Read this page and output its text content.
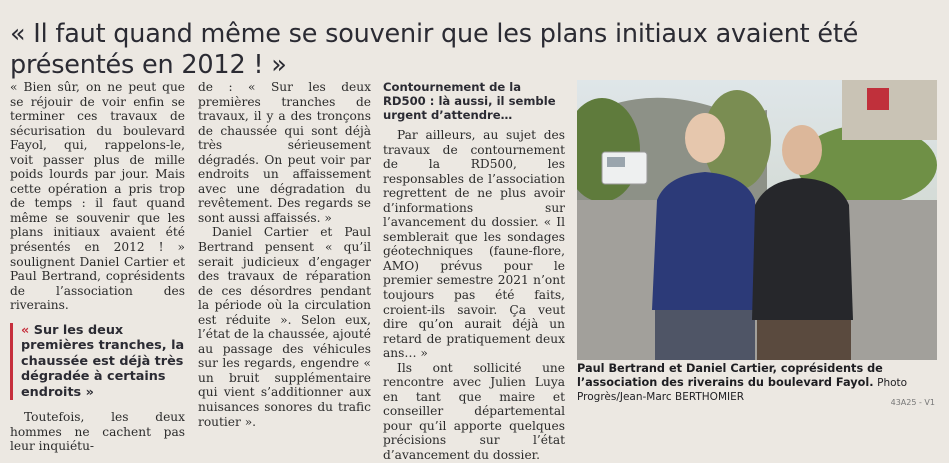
« Il faut quand même se souvenir que les plans initiaux avaient été présentés en 2012 ! »

« Bien sûr, on ne peut que se réjouir de voir enfin se terminer ces travaux de sécurisation du boulevard Fayol, qui, rappelons-le, voit passer plus de mille poids lourds par jour. Mais cette opération a pris trop de temps : il faut quand même se souvenir que les plans initiaux avaient été présentés en 2012 ! » soulignent Daniel Cartier et Paul Bertrand, coprésidents de l’association des riverains.

« Sur les deux premières tranches, la chaussée est déjà très dégradée à certains endroits »

Toutefois, les deux hommes ne cachent pas leur inquiétu-

de : « Sur les deux premières tranches de travaux, il y a des tronçons de chaussée qui sont déjà très sérieusement dégradés. On peut voir par endroits un affaissement avec une dégradation du revêtement. Des regards se sont aussi affaissés. »

Daniel Cartier et Paul Bertrand pensent « qu’il serait judicieux d’engager des travaux de réparation de ces désordres pendant la période où la circulation est réduite ». Selon eux, l’état de la chaussée, ajouté au passage des véhicules sur les regards, engendre « un bruit supplémentaire qui vient s’additionner aux nuisances sonores du trafic routier ».

Contournement de la RD500 : là aussi, il semble urgent d’attendre…

Par ailleurs, au sujet des travaux de contournement de la RD500, les responsables de l’association regrettent de ne plus avoir d’informations sur l’avancement du dossier. « Il semblerait que les sondages géotechniques (faune-flore, AMO) prévus pour le premier semestre 2021 n’ont toujours pas été faits, croient-ils savoir. Ça veut dire qu’on aurait déjà un retard de pratiquement deux ans… »

Ils ont sollicité une rencontre avec Julien Luya en tant que maire et conseiller départemental pour qu’il apporte quelques précisions sur l’état d’avancement du dossier.

Paul Bertrand et Daniel Cartier, coprésidents de l’association des riverains du boulevard Fayol. Photo Progrès/Jean-Marc BERTHOMIER	43A25 - V1
